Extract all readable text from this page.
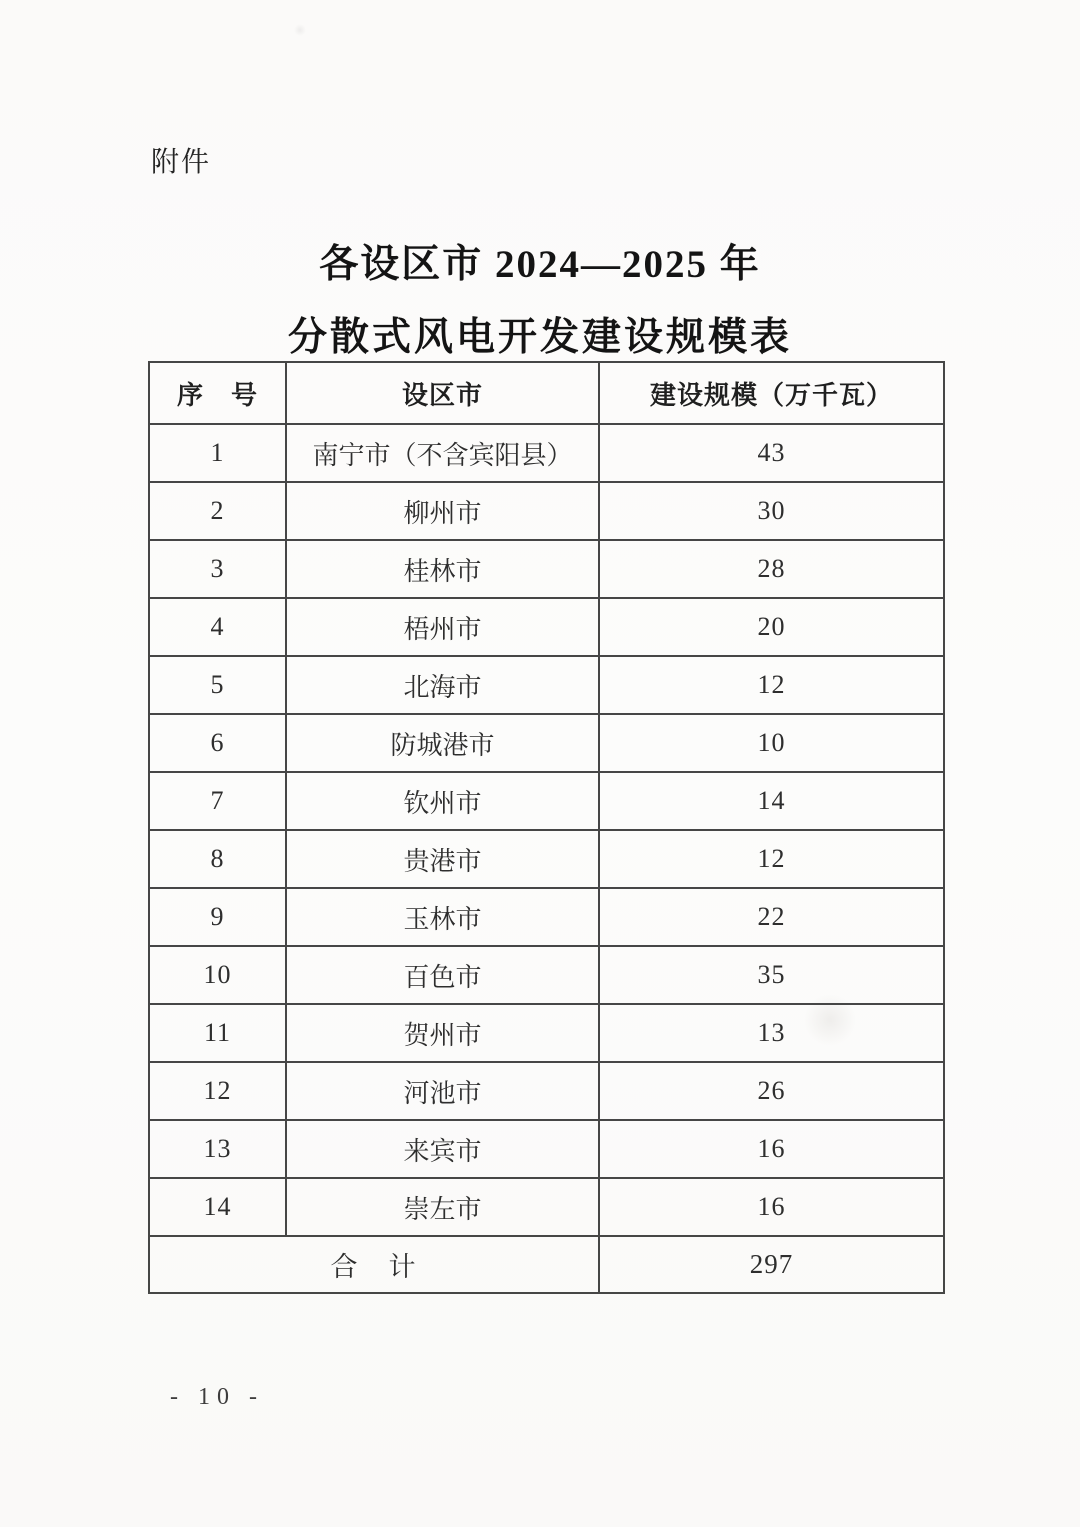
附件
各设区市 2024—2025 年
分散式风电开发建设规模表
序　号	设区市	建设规模（万千瓦）
1	南宁市（不含宾阳县）	43
2	柳州市	30
3	桂林市	28
4	梧州市	20
5	北海市	12
6	防城港市	10
7	钦州市	14
8	贵港市	12
9	玉林市	22
10	百色市	35
11	贺州市	13
12	河池市	26
13	来宾市	16
14	崇左市	16
合　计		297
- 10 -
